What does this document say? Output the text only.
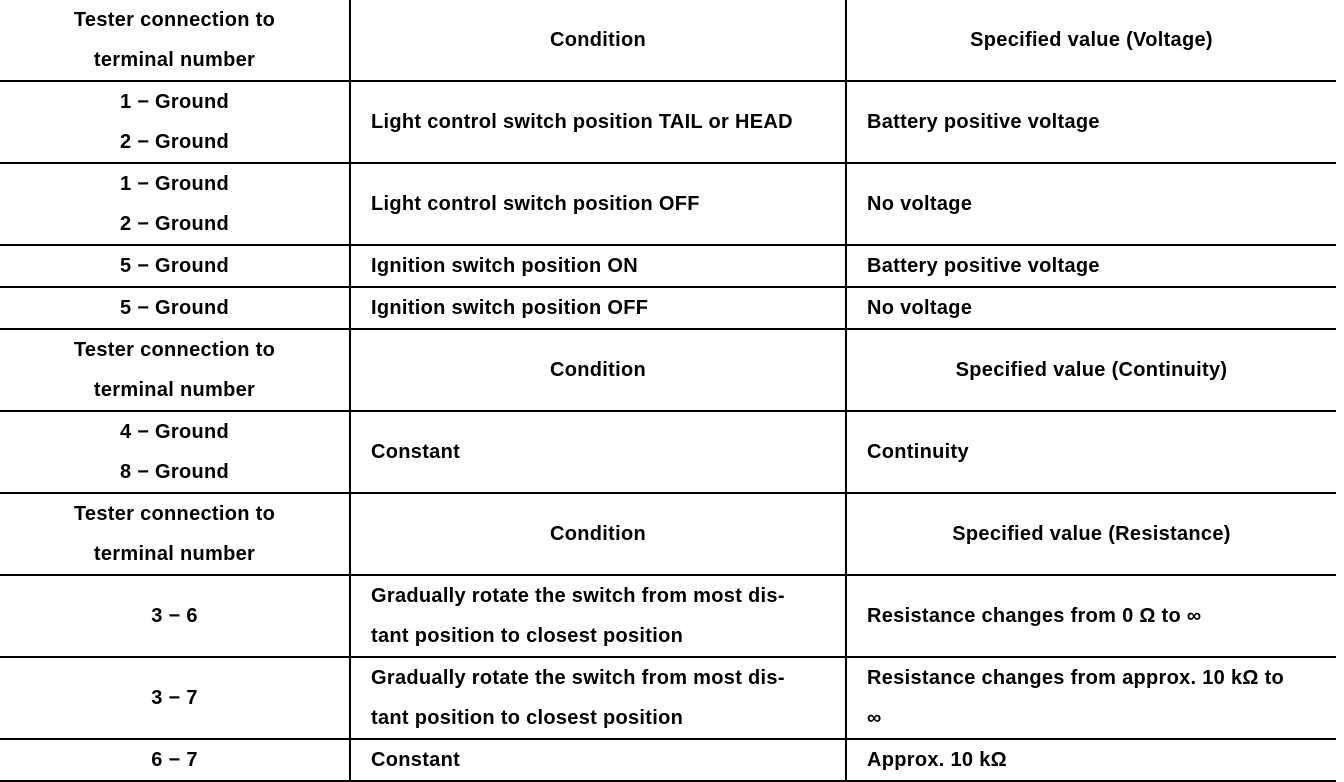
Tester connection to
terminal number	Condition	Specified value (Voltage)

1 − Ground
2 − Ground	Light control switch position TAIL or HEAD	Battery positive voltage

1 − Ground
2 − Ground	Light control switch position OFF	No voltage
5 − Ground	Ignition switch position ON	Battery positive voltage
5 − Ground	Ignition switch position OFF	No voltage

Tester connection to
terminal number	Condition	Specified value (Continuity)

4 − Ground
8 − Ground	Constant	Continuity

Tester connection to
terminal number	Condition	Specified value (Resistance)
3 − 6	Gradually rotate the switch from most dis-
tant position to closest position	Resistance changes from 0 Ω to ∞
3 − 7	Gradually rotate the switch from most dis-
tant position to closest position	Resistance changes from approx. 10 kΩ to
∞

6 − 7	Constant	Approx. 10 kΩ
